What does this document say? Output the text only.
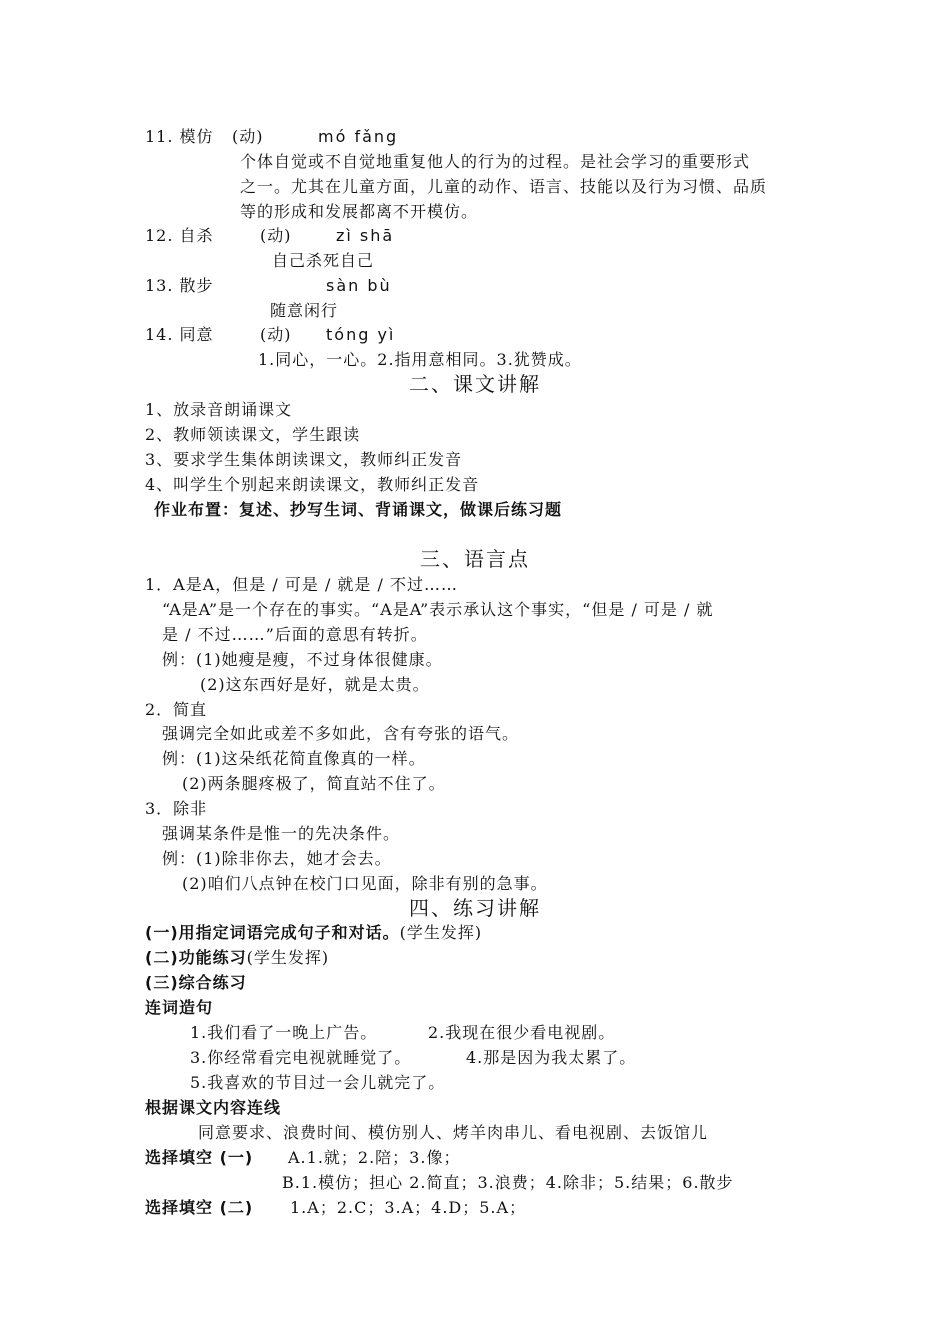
11. 模仿 (动)	mó fǎng
个体自觉或不自觉地重复他人的行为的过程。是社会学习的重要形式
之一。尤其在儿童方面，儿童的动作、语言、技能以及行为习惯、品质
等的形成和发展都离不开模仿。
12. 自杀	(动)	zì shā
自己杀死自己
13. 散步	sàn bù
随意闲行
14. 同意	(动) tóng yì
1.同心，一心。2.指用意相同。3.犹赞成。
二、课文讲解
1、放录音朗诵课文
2、教师领读课文，学生跟读
3、要求学生集体朗读课文，教师纠正发音
4、叫学生个别起来朗读课文，教师纠正发音
作业布置：复述、抄写生词、背诵课文，做课后练习题
三、语言点
1．A是A，但是 / 可是 / 就是 / 不过……
“A是A”是一个存在的事实。“A是A”表示承认这个事实，“但是 / 可是 / 就
是 / 不过……”后面的意思有转折。
例：(1)她瘦是瘦，不过身体很健康。
(2)这东西好是好，就是太贵。
2．简直
强调完全如此或差不多如此，含有夸张的语气。
例：(1)这朵纸花简直像真的一样。
(2)两条腿疼极了，简直站不住了。
3．除非
强调某条件是惟一的先决条件。
例：(1)除非你去，她才会去。
(2)咱们八点钟在校门口见面，除非有别的急事。
四、练习讲解
(一)用指定词语完成句子和对话。(学生发挥)
(二)功能练习(学生发挥)
(三)综合练习
连词造句
1.我们看了一晚上广告。	2.我现在很少看电视剧。
3.你经常看完电视就睡觉了。	4.那是因为我太累了。
5.我喜欢的节目过一会儿就完了。
根据课文内容连线
同意要求、浪费时间、模仿别人、烤羊肉串儿、看电视剧、去饭馆儿
选择填空 (一) A.1.就；2.陪；3.像；
B.1.模仿；担心 2.简直；3.浪费；4.除非；5.结果；6.散步
选择填空 (二) 1.A；2.C；3.A；4.D；5.A；
